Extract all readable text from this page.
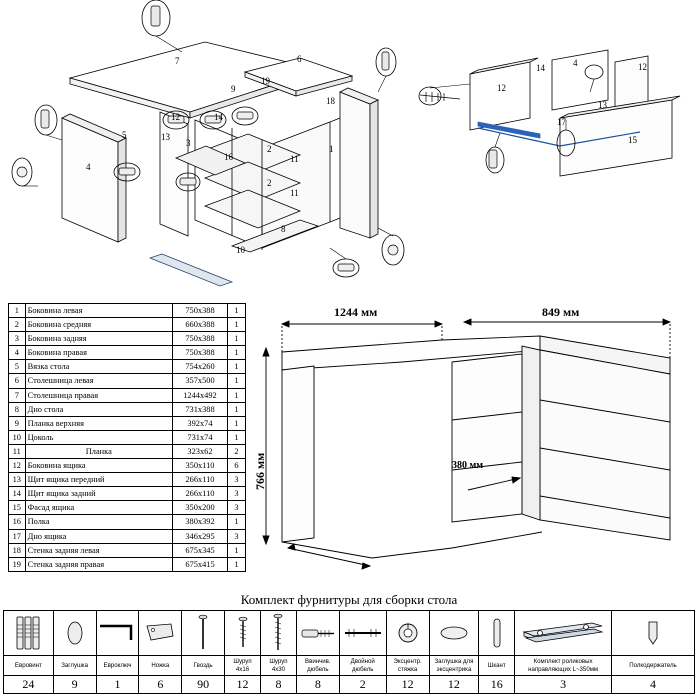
7	6
19
9
18
1
4
5
3
16	11
11
2
2
8
10
13
12	14
14	12
12
13
17
15
4
1	Боковина левая	750х388	1
2	Боковина средняя	660х388	1
3	Боковина задняя	750х388	1
4	Боковина правая	750х388	1
5	Вязка стола	754х260	1
6	Столешница левая	357х500	1
7	Столешница правая	1244х492	1
8	Дно стола	731х388	1
9	Планка верхняя	392х74	1
10	Цоколь	731х74	1
11	Планка	323х62	2
12	Боковина ящика	350х110	6
13	Щит ящика передний	266х110	3
14	Щит ящика задний	266х110	3
15	Фасад ящика	350х200	3
16	Полка	380х392	1
17	Дно ящика	346х295	3
18	Стенка задняя левая	675х345	1
19	Стенка задняя правая	675х415	1
1244 мм	849 мм
380 мм
766 мм
Комплект фурнитуры для сборки стола

Евровинт	Заглушка	Евроключ	Ножка	Гвоздь	Шуруп 4х16	Шуруп 4х30	Ввинчив. дюбель	Двойной дюбель	Эксцентр. стяжка	Заглушка для эксцентрика	Шкант	Комплект роликовых направляющих L~350мм	Полкодержатель
24	9	1	6	90	12	8	8	2	12	12	16	3	4
